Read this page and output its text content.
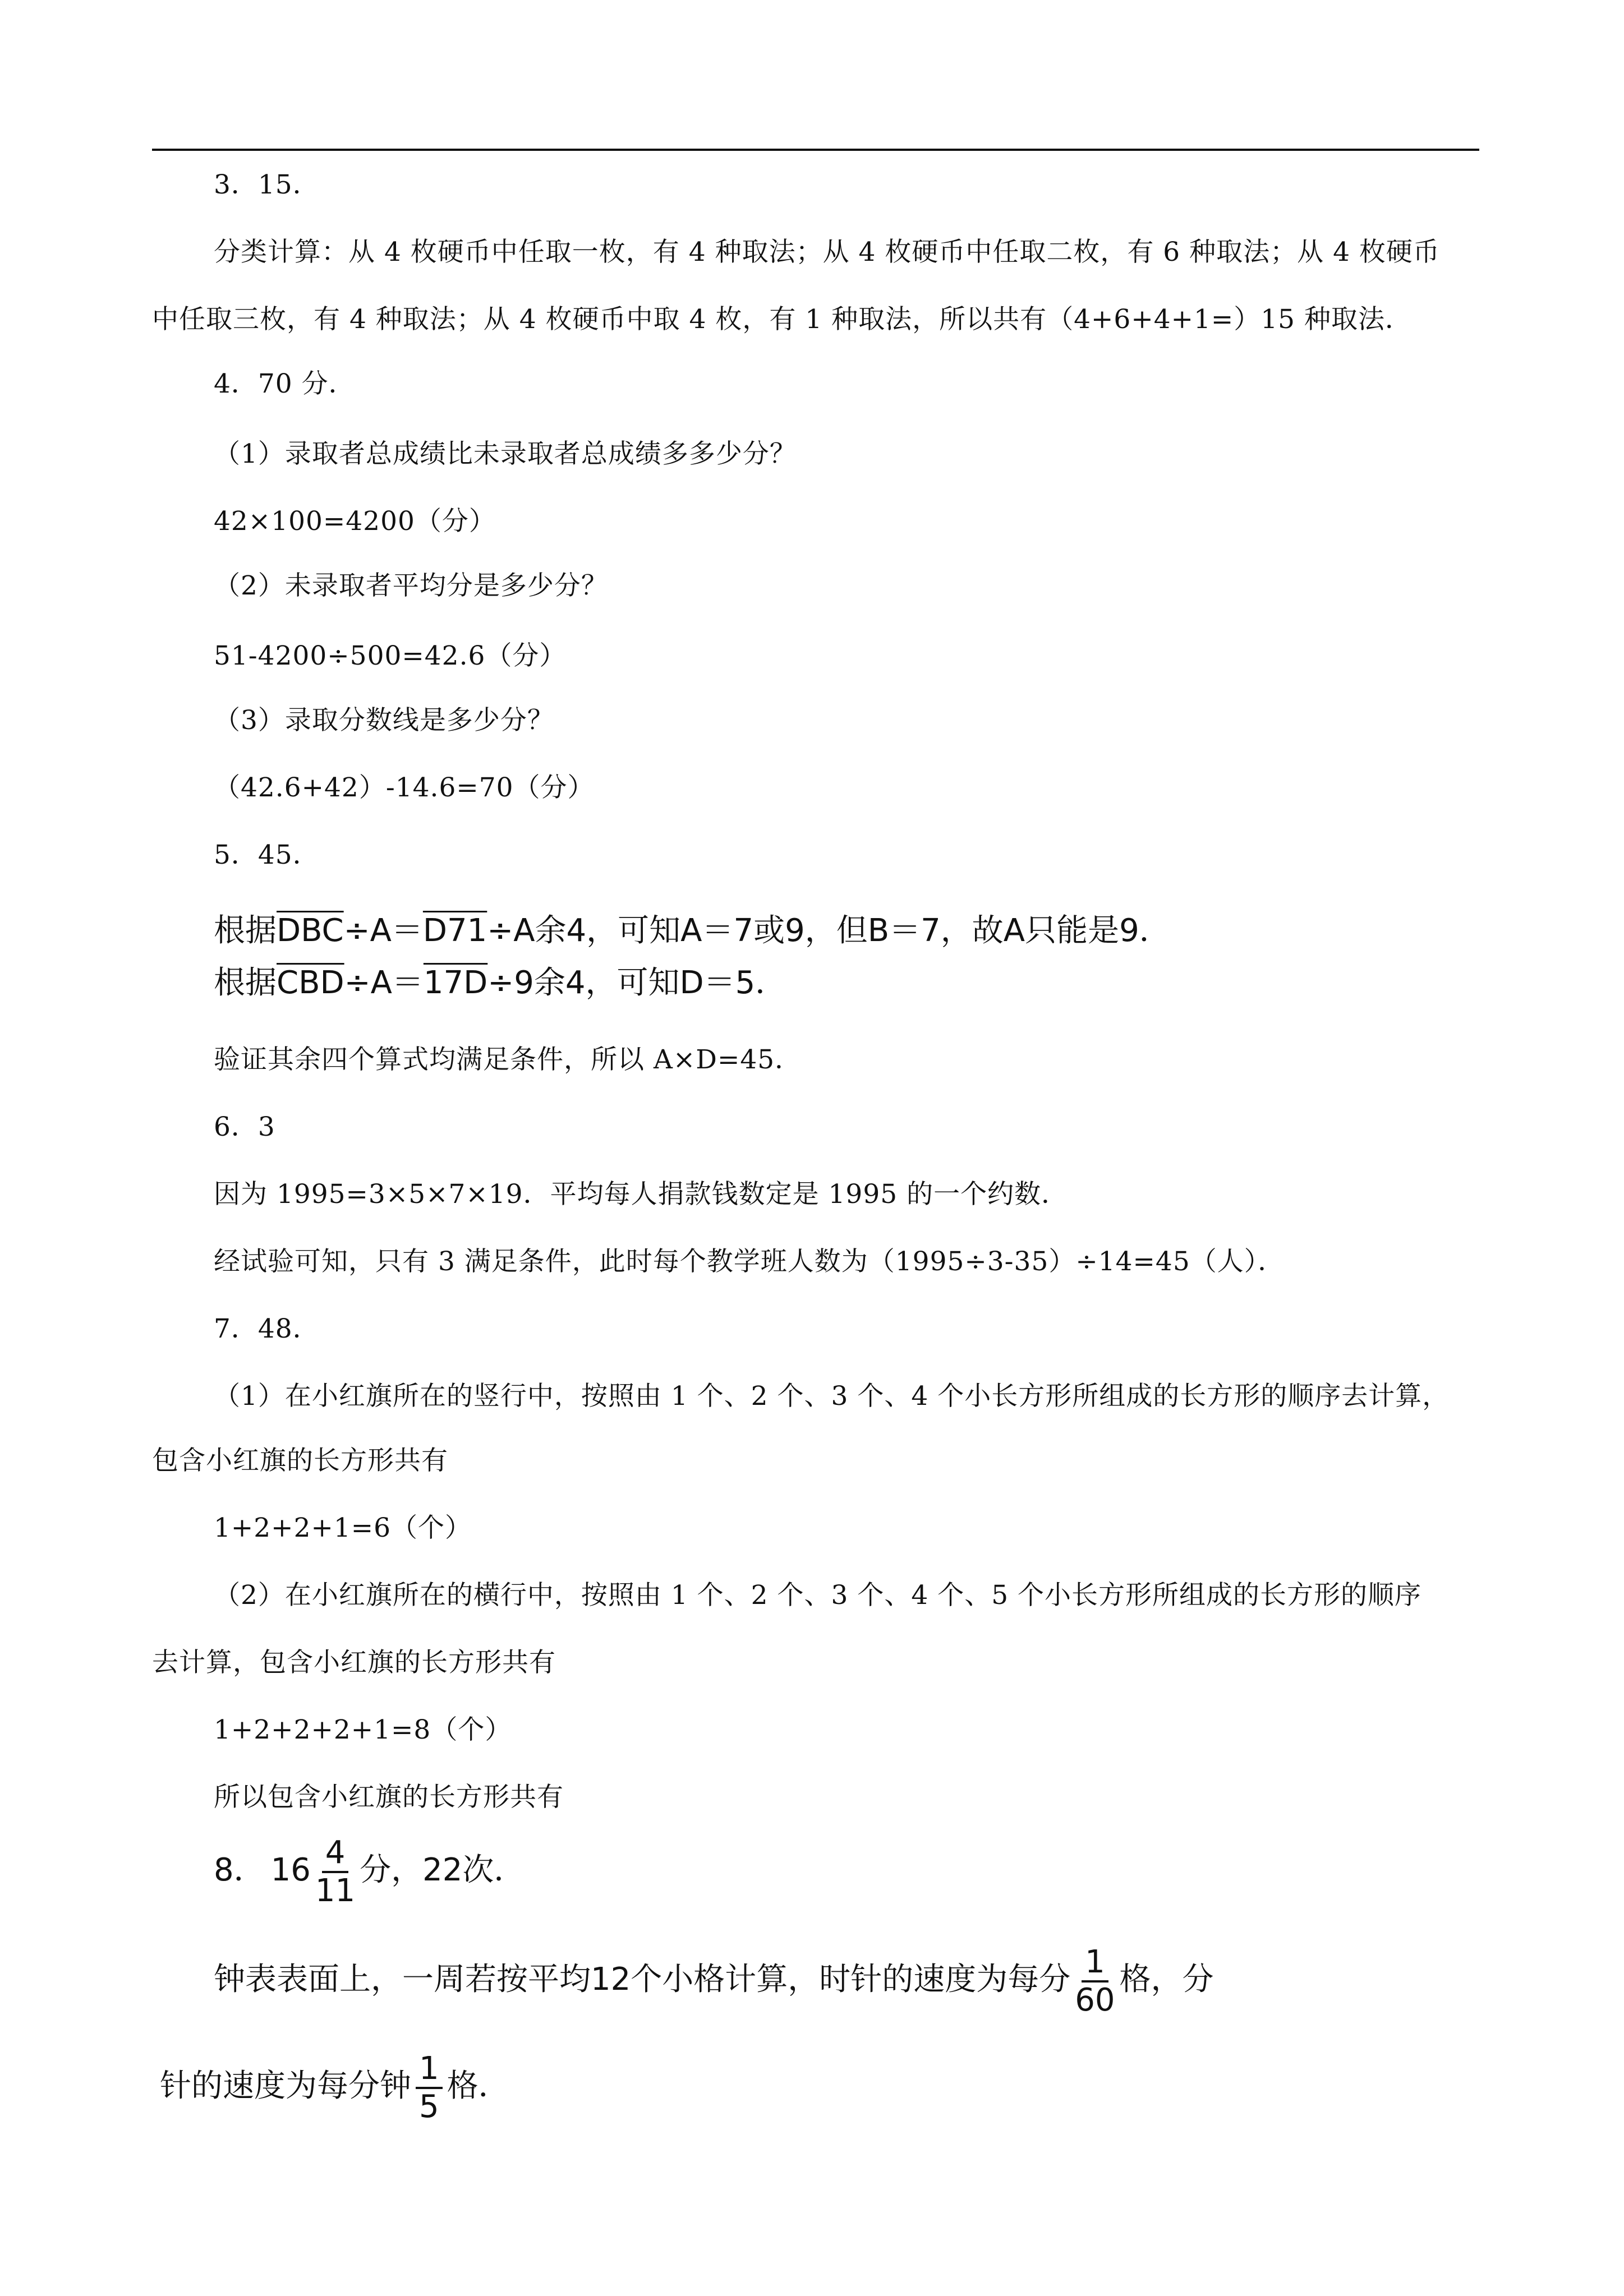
3．15．
分类计算：从 4 枚硬币中任取一枚，有 4 种取法；从 4 枚硬币中任取二枚，有 6 种取法；从 4 枚硬币
中任取三枚，有 4 种取法；从 4 枚硬币中取 4 枚，有 1 种取法，所以共有（4+6+4+1=）15 种取法．
4．70 分．
（1）录取者总成绩比未录取者总成绩多多少分？
42×100=4200（分）
（2）未录取者平均分是多少分？
51-4200÷500=42.6（分）
（3）录取分数线是多少分？
（42.6+42）-14.6=70（分）
5．45．
根据$\overline{DBC}\div A=D71\div A$余4，可知A＝7或9，但B＝7，故A只能是9．
根据$\overline{CBD}\div A=17D\div 9$余4，可知D＝5．
验证其余四个算式均满足条件，所以 A×D=45．
6．3
因为 1995=3×5×7×19．平均每人捐款钱数定是 1995 的一个约数．
经试验可知，只有 3 满足条件，此时每个教学班人数为（1995÷3-35）÷14=45（人）．
7．48．
（1）在小红旗所在的竖行中，按照由 1 个、2 个、3 个、4 个小长方形所组成的长方形的顺序去计算，
包含小红旗的长方形共有
1+2+2+1=6（个）
（2）在小红旗所在的横行中，按照由 1 个、2 个、3 个、4 个、5 个小长方形所组成的长方形的顺序
去计算，包含小红旗的长方形共有
1+2+2+2+1=8（个）
所以包含小红旗的长方形共有
8． $16 \frac{4}{11}$ 分，22次．
钟表表面上，一周若按平均12个小格计算，时针的速度为每分 $\frac{1}{60}$ 格，分
针的速度为每分钟 $\frac{1}{5}$ 格．
